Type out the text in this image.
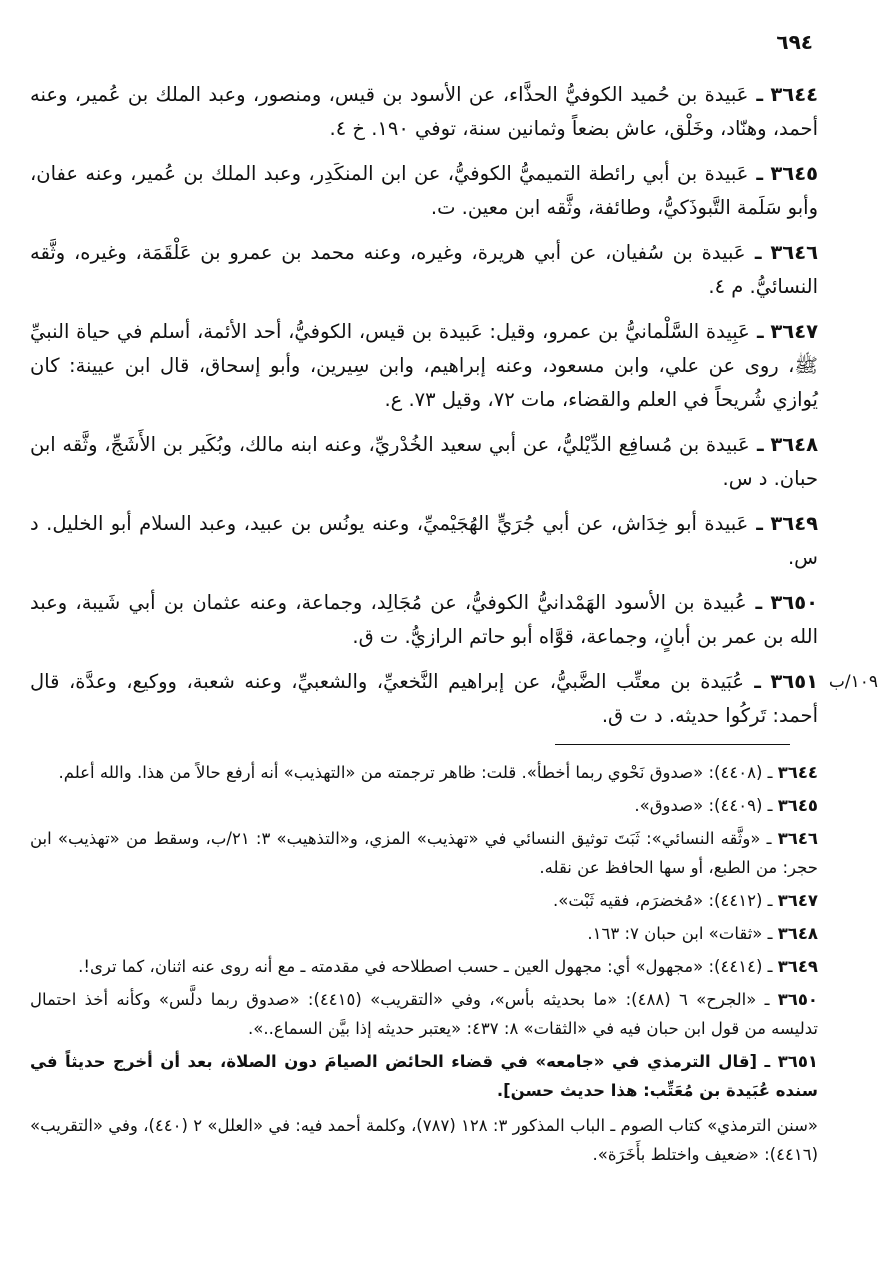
٦٩٤
٣٦٤٤ ـ عَبيدة بن حُميد الكوفيُّ الحذَّاء، عن الأسود بن قيس، ومنصور، وعبد الملك بن عُمير، وعنه أحمد، وهنّاد، وخَلْق، عاش بضعاً وثمانين سنة، توفي ١٩٠. خ ٤.
٣٦٤٥ ـ عَبيدة بن أبي رائطة التميميُّ الكوفيُّ، عن ابن المنكَدِر، وعبد الملك بن عُمير، وعنه عفان، وأبو سَلَمة التَّبوذَكيُّ، وطائفة، وثَّقه ابن معين. ت.
٣٦٤٦ ـ عَبيدة بن سُفيان، عن أبي هريرة، وغيره، وعنه محمد بن عمرو بن عَلْقَمَة، وغيره، وثَّقه النسائيُّ. م ٤.
٣٦٤٧ ـ عَبِيدة السَّلْمانيُّ بن عمرو، وقيل: عَبيدة بن قيس، الكوفيُّ، أحد الأئمة، أسلم في حياة النبيِّ ﷺ، روى عن علي، وابن مسعود، وعنه إبراهيم، وابن سِيرين، وأبو إسحاق، قال ابن عيينة: كان يُوازي شُريحاً في العلم والقضاء، مات ٧٢، وقيل ٧٣. ع.
٣٦٤٨ ـ عَبيدة بن مُسافِع الدِّيْليُّ، عن أبي سعيد الخُدْريِّ، وعنه ابنه مالك، وبُكَير بن الأَشَجِّ، وثَّقه ابن حبان. د س.
٣٦٤٩ ـ عَبيدة أبو خِدَاش، عن أبي جُرَيٍّ الهُجَيْميِّ، وعنه يونُس بن عبيد، وعبد السلام أبو الخليل. د س.
٣٦٥٠ ـ عُبيدة بن الأسود الهَمْدانيُّ الكوفيُّ، عن مُجَالِد، وجماعة، وعنه عثمان بن أبي شَيبة، وعبد الله بن عمر بن أبانٍ، وجماعة، قوَّاه أبو حاتم الرازيُّ. ت ق.
١٠٩/ب
٣٦٥١ ـ عُبَيدة بن معتِّب الضَّبيُّ، عن إبراهيم النَّخعيِّ، والشعبيِّ، وعنه شعبة، ووكيع، وعدَّة، قال أحمد: تَركُوا حديثه. د ت ق.
٣٦٤٤ ـ (٤٤٠٨): «صدوق نَحْوي ربما أخطأ». قلت: ظاهر ترجمته من «التهذيب» أنه أرفع حالاً من هذا. والله أعلم.
٣٦٤٥ ـ (٤٤٠٩): «صدوق».
٣٦٤٦ ـ «وثَّقه النسائي»: ثَبَتَ توثيق النسائي في «تهذيب» المزي، و«التذهيب» ٣: ٢١/ب، وسقط من «تهذيب» ابن حجر: من الطبع، أو سها الحافظ عن نقله.
٣٦٤٧ ـ (٤٤١٢): «مُخضرَم، فقيه ثَبْت».
٣٦٤٨ ـ «ثقات» ابن حبان ٧: ١٦٣.
٣٦٤٩ ـ (٤٤١٤): «مجهول» أي: مجهول العين ـ حسب اصطلاحه في مقدمته ـ مع أنه روى عنه اثنان، كما ترى!.
٣٦٥٠ ـ «الجرح» ٦ (٤٨٨): «ما بحديثه بأس»، وفي «التقريب» (٤٤١٥): «صدوق ربما دلَّس» وكأنه أخذ احتمال تدليسه من قول ابن حبان فيه في «الثقات» ٨: ٤٣٧: «يعتبر حديثه إذا بيَّن السماع..».
٣٦٥١ ـ [قال الترمذي في «جامعه» في قضاء الحائض الصيامَ دون الصلاة، بعد أن أخرج حديثاً في سنده عُبَيدة بن مُعَتِّب: هذا حديث حسن].
«سنن الترمذي» كتاب الصوم ـ الباب المذكور ٣: ١٢٨ (٧٨٧)، وكلمة أحمد فيه: في «العلل» ٢ (٤٤٠)، وفي «التقريب» (٤٤١٦): «ضعيف واختلط بأَخَرَة».
